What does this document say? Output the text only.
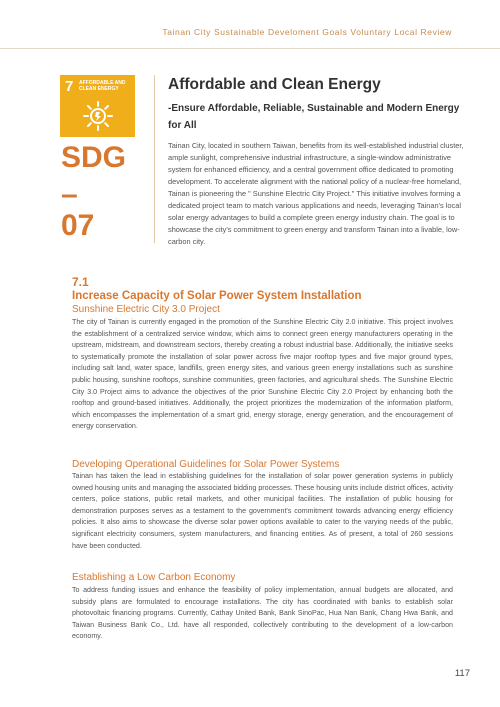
Tainan City Sustainable Develoment Goals Voluntary Local Review
7 AFFORDABLE AND CLEAN ENERGY
SDG
–
07
Affordable and Clean Energy
-Ensure Affordable, Reliable, Sustainable and Modern Energy for All
Tainan City, located in southern Taiwan, benefits from its well-established industrial cluster, ample sunlight, comprehensive industrial infrastructure, a single-window administrative system for enhanced efficiency, and a central government office dedicated to promoting development. To accelerate alignment with the national policy of a nuclear-free homeland, Tainan is pioneering the " Sunshine Electric City Project." This initiative involves forming a dedicated project team to match various applications and needs, leveraging Tainan's local solar energy advantages to build a complete green energy industry chain. The goal is to showcase the city's commitment to green energy and transform Tainan into a livable, low-carbon city.
7.1
Increase Capacity of Solar Power System Installation
Sunshine Electric City 3.0 Project
The city of Tainan is currently engaged in the promotion of the Sunshine Electric City 2.0 initiative. This project involves the establishment of a centralized service window, which aims to connect green energy manufacturers operating in the upstream, midstream, and downstream sectors, thereby creating a robust industrial base. Additionally, the initiative seeks to systematically promote the installation of solar power across five major rooftop types and five major ground types, including salt land, water space, landfills, green energy sites, and various green energy installations such as sunshine public housing, sunshine rooftops, sunshine communities, green factories, and agricultural sheds. The Sunshine Electric City 3.0 Project aims to advance the objectives of the prior Sunshine Electric City 2.0 Project by enhancing both the rooftop and ground-based initiatives. Additionally, the project prioritizes the modernization of the information platform, which encompasses the implementation of a smart grid, energy storage, energy generation, and the encouragement of energy conservation.
Developing Operational Guidelines for Solar Power Systems
Tainan has taken the lead in establishing guidelines for the installation of solar power generation systems in publicly owned housing units and managing the associated bidding processes. These housing units include district offices, activity centers, police stations, public retail markets, and other municipal facilities. The installation of public housing for demonstration purposes serves as a testament to the government's commitment towards advancing energy efficiency policies. It also aims to showcase the diverse solar power options available to cater to the varying needs of the public, significant electricity consumers, system manufacturers, and financing entities. As of present, a total of 260 sessions have been conducted.
Establishing a Low Carbon Economy
To address funding issues and enhance the feasibility of policy implementation, annual budgets are allocated, and subsidy plans are formulated to encourage installations. The city has coordinated with banks to establish solar photovoltaic financing programs. Currently, Cathay United Bank, Bank SinoPac, Hua Nan Bank, Chang Hwa Bank, and Taiwan Business Bank Co., Ltd. have all responded, collectively contributing to the development of a low-carbon economy.
117
